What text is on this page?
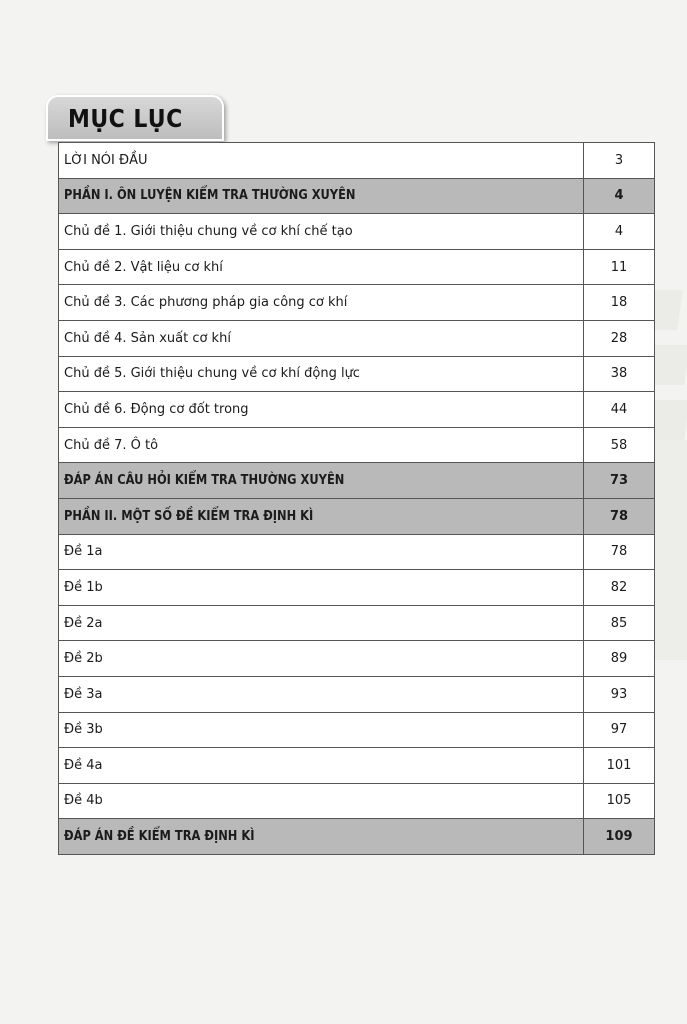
MỤC LỤC
LỜI NÓI ĐẦU	3
PHẦN I. ÔN LUYỆN KIỂM TRA THƯỜNG XUYÊN	4
Chủ đề 1. Giới thiệu chung về cơ khí chế tạo	4
Chủ đề 2. Vật liệu cơ khí	11
Chủ đề 3. Các phương pháp gia công cơ khí	18
Chủ đề 4. Sản xuất cơ khí	28
Chủ đề 5. Giới thiệu chung về cơ khí động lực	38
Chủ đề 6. Động cơ đốt trong	44
Chủ đề 7. Ô tô	58
ĐÁP ÁN CÂU HỎI KIỂM TRA THƯỜNG XUYÊN	73
PHẦN II. MỘT SỐ ĐỀ KIỂM TRA ĐỊNH KÌ	78
Đề 1a	78
Đề 1b	82
Đề 2a	85
Đề 2b	89
Đề 3a	93
Đề 3b	97
Đề 4a	101
Đề 4b	105
ĐÁP ÁN ĐỀ KIỂM TRA ĐỊNH KÌ	109
